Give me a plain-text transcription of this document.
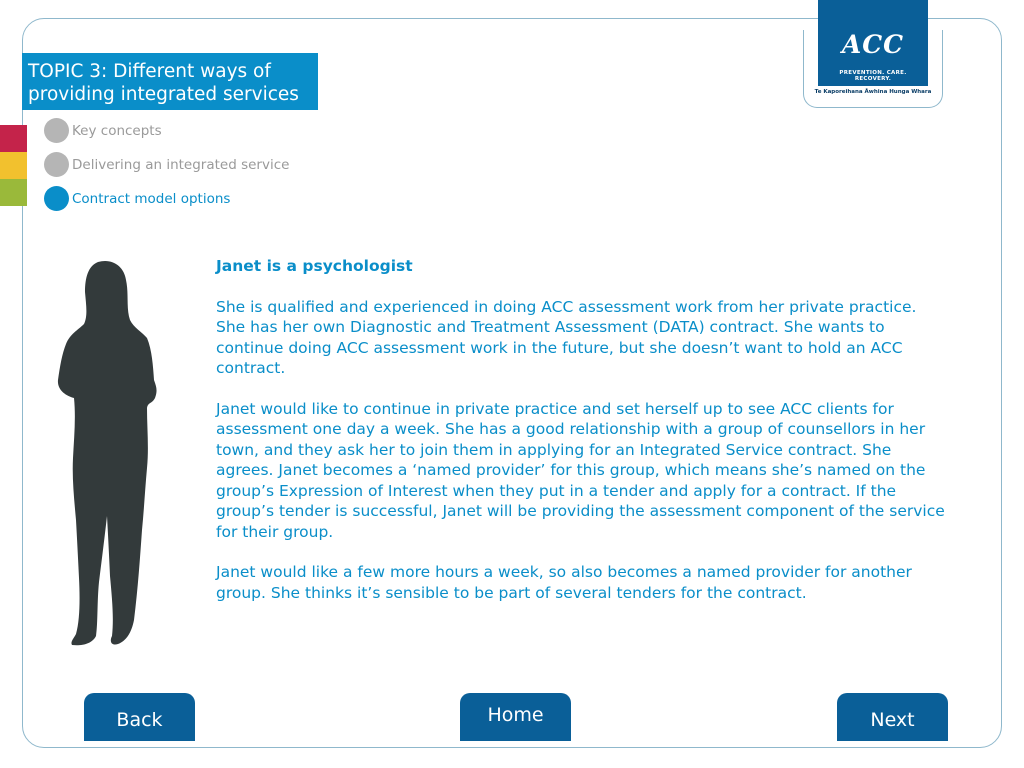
TOPIC 3: Different ways of
providing integrated services
Key concepts
Delivering an integrated service
Contract model options
ACC
PREVENTION. CARE. RECOVERY.
Te Kaporeihana Āwhina Hunga Whara

Janet is a psychologist

She is qualified and experienced in doing ACC assessment work from her private practice. She has her own Diagnostic and Treatment Assessment (DATA) contract. She wants to continue doing ACC assessment work in the future, but she doesn’t want to hold an ACC contract.

Janet would like to continue in private practice and set herself up to see ACC clients for assessment one day a week. She has a good relationship with a group of counsellors in her town, and they ask her to join them in applying for an Integrated Service contract. She agrees. Janet becomes a ‘named provider’ for this group, which means she’s named on the group’s Expression of Interest when they put in a tender and apply for a contract. If the group’s tender is successful, Janet will be providing the assessment component of the service for their group.

Janet would like a few more hours a week, so also becomes a named provider for another group. She thinks it’s sensible to be part of several tenders for the contract.

Back	Home	Next
